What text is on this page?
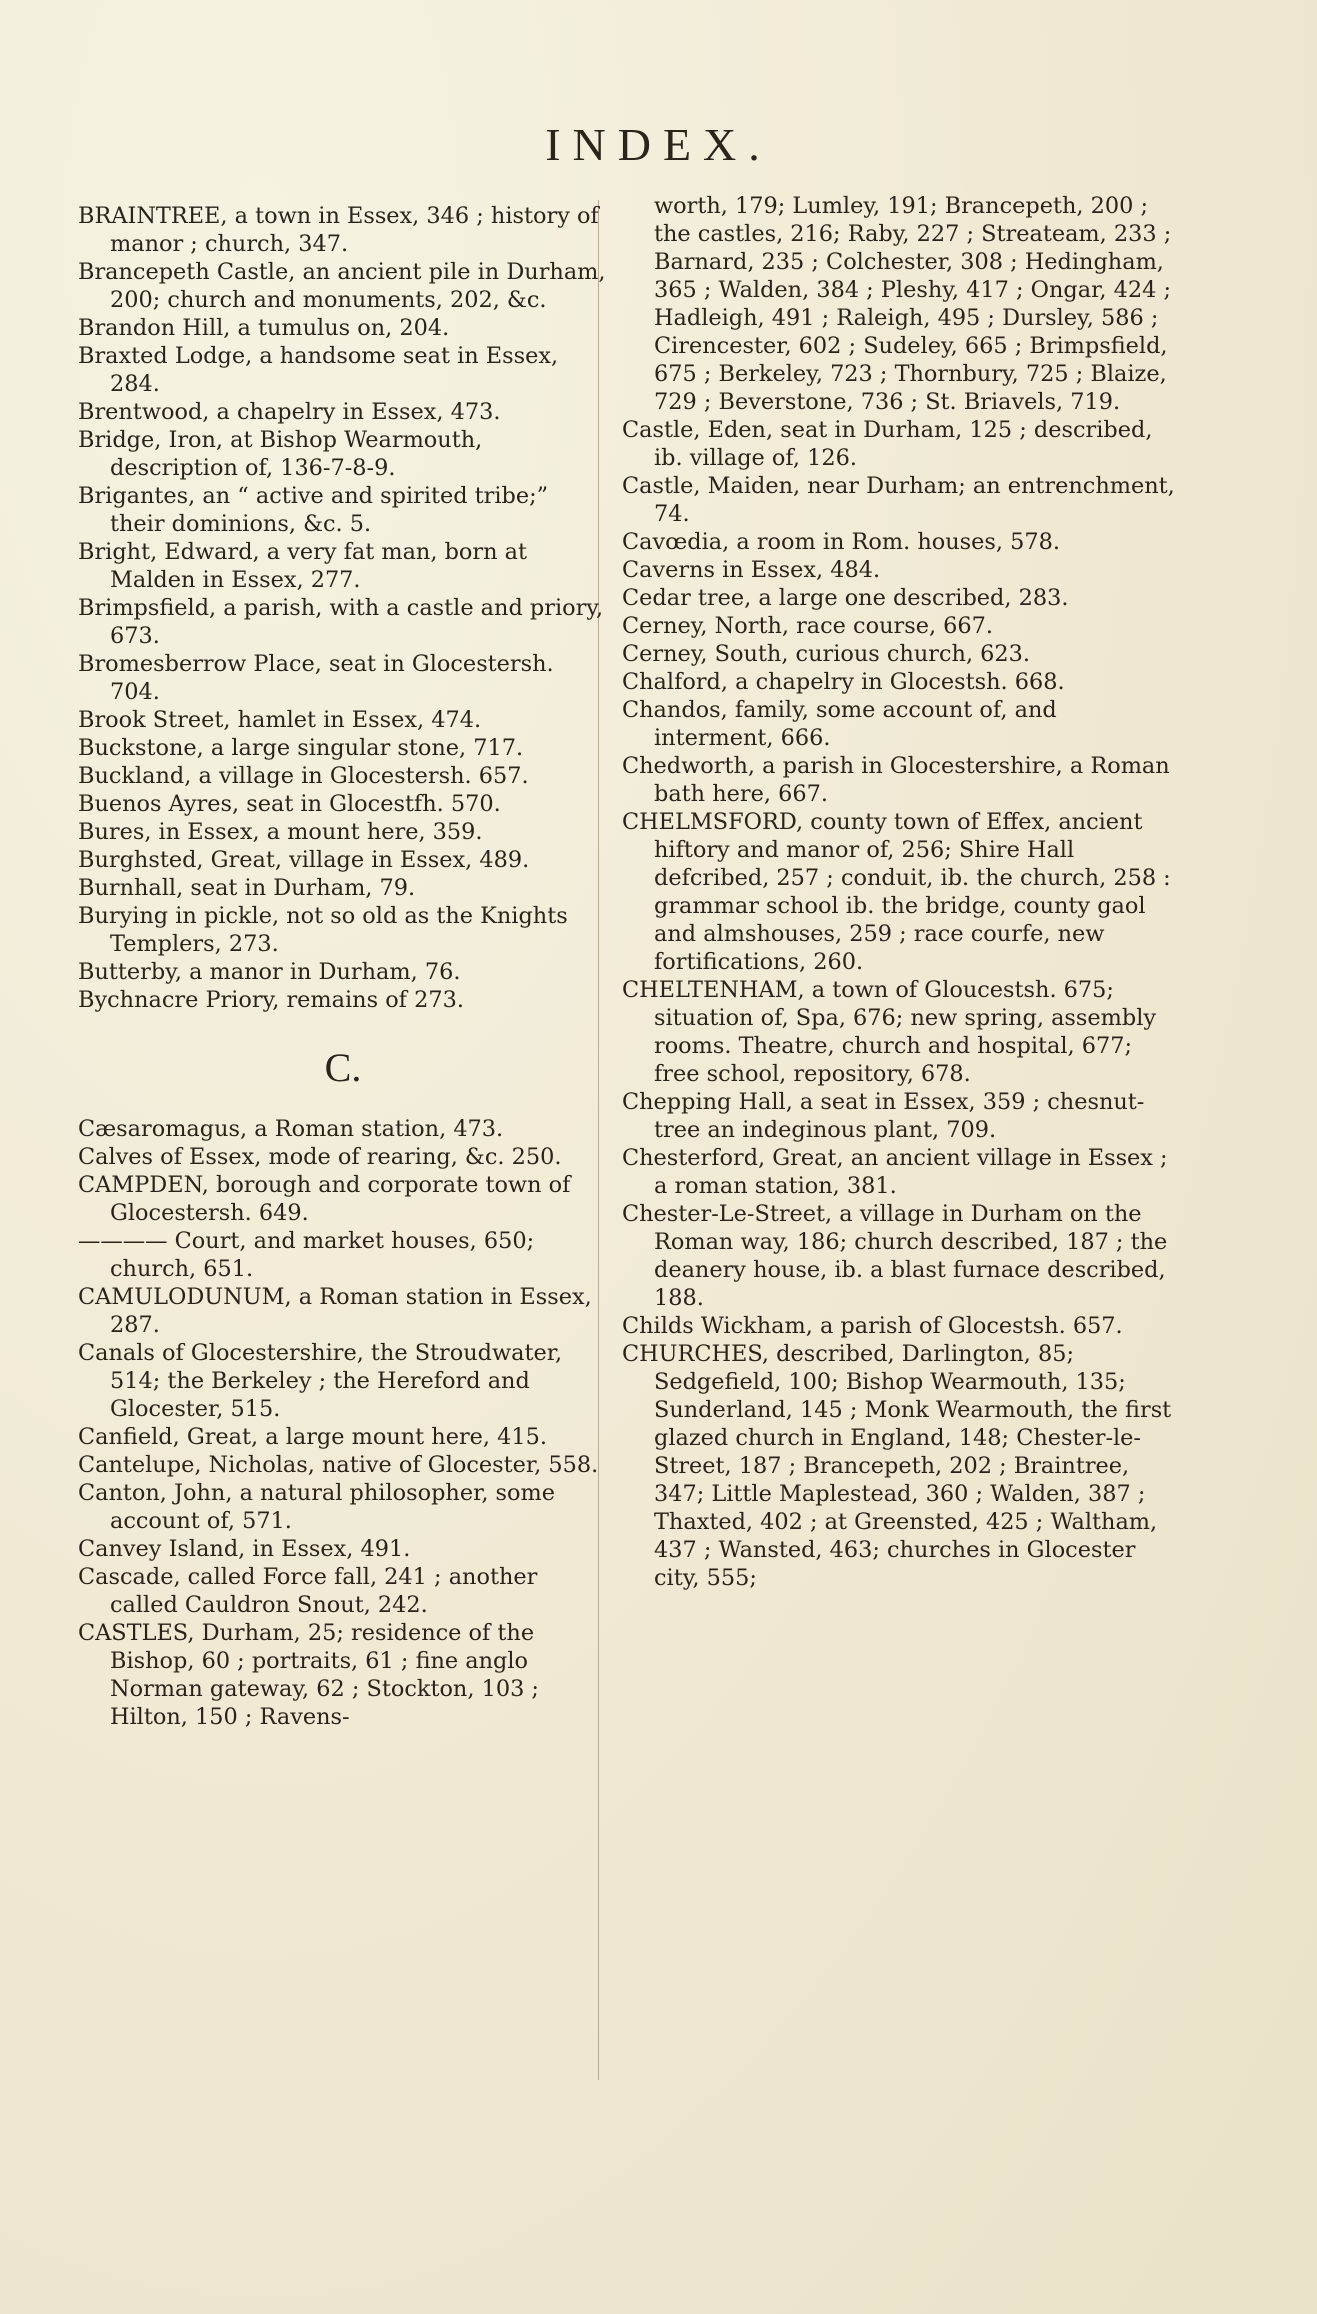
INDEX.

BRAINTREE, a town in Essex, 346 ; history of manor ; church, 347.

Brancepeth Castle, an ancient pile in Durham, 200; church and monuments, 202, &c.

Brandon Hill, a tumulus on, 204.

Braxted Lodge, a handsome seat in Essex, 284.

Brentwood, a chapelry in Essex, 473.

Bridge, Iron, at Bishop Wearmouth, description of, 136-7-8-9.

Brigantes, an “ active and spirited tribe;” their dominions, &c. 5.

Bright, Edward, a very fat man, born at Malden in Essex, 277.

Brimpsfield, a parish, with a castle and priory, 673.

Bromesberrow Place, seat in Glocestersh. 704.

Brook Street, hamlet in Essex, 474.

Buckstone, a large singular stone, 717.

Buckland, a village in Glocestersh. 657.

Buenos Ayres, seat in Glocestfh. 570.

Bures, in Essex, a mount here, 359.

Burghsted, Great, village in Essex, 489.

Burnhall, seat in Durham, 79.

Burying in pickle, not so old as the Knights Templers, 273.

Butterby, a manor in Durham, 76.

Bychnacre Priory, remains of 273.

C.

Cæsaromagus, a Roman station, 473.

Calves of Essex, mode of rearing, &c. 250.

CAMPDEN, borough and corporate town of Glocestersh. 649.

———— Court, and market houses, 650; church, 651.

CAMULODUNUM, a Roman station in Essex, 287.

Canals of Glocestershire, the Stroudwater, 514; the Berkeley ; the Hereford and Glocester, 515.

Canfield, Great, a large mount here, 415.

Cantelupe, Nicholas, native of Glocester, 558.

Canton, John, a natural philosopher, some account of, 571.

Canvey Island, in Essex, 491.

Cascade, called Force fall, 241 ; another called Cauldron Snout, 242.

CASTLES, Durham, 25; residence of the Bishop, 60 ; portraits, 61 ; fine anglo Norman gateway, 62 ; Stockton, 103 ; Hilton, 150 ; Ravens-

worth, 179; Lumley, 191; Brancepeth, 200 ; the castles, 216; Raby, 227 ; Streateam, 233 ; Barnard, 235 ; Colchester, 308 ; Hedingham, 365 ; Walden, 384 ; Pleshy, 417 ; Ongar, 424 ; Hadleigh, 491 ; Raleigh, 495 ; Dursley, 586 ; Cirencester, 602 ; Sudeley, 665 ; Brimpsfield, 675 ; Berkeley, 723 ; Thornbury, 725 ; Blaize, 729 ; Beverstone, 736 ; St. Briavels, 719.

Castle, Eden, seat in Durham, 125 ; described, ib. village of, 126.

Castle, Maiden, near Durham; an entrenchment, 74.

Cavœdia, a room in Rom. houses, 578.

Caverns in Essex, 484.

Cedar tree, a large one described, 283.

Cerney, North, race course, 667.

Cerney, South, curious church, 623.

Chalford, a chapelry in Glocestsh. 668.

Chandos, family, some account of, and interment, 666.

Chedworth, a parish in Glocestershire, a Roman bath here, 667.

CHELMSFORD, county town of Effex, ancient hiftory and manor of, 256; Shire Hall defcribed, 257 ; conduit, ib. the church, 258 : grammar school ib. the bridge, county gaol and almshouses, 259 ; race courfe, new fortifications, 260.

CHELTENHAM, a town of Gloucestsh. 675; situation of, Spa, 676; new spring, assembly rooms. Theatre, church and hospital, 677; free school, repository, 678.

Chepping Hall, a seat in Essex, 359 ; chesnut-tree an indeginous plant, 709.

Chesterford, Great, an ancient village in Essex ; a roman station, 381.

Chester-Le-Street, a village in Durham on the Roman way, 186; church described, 187 ; the deanery house, ib. a blast furnace described, 188.

Childs Wickham, a parish of Glocestsh. 657.

CHURCHES, described, Darlington, 85; Sedgefield, 100; Bishop Wearmouth, 135; Sunderland, 145 ; Monk Wearmouth, the first glazed church in England, 148; Chester-le-Street, 187 ; Brancepeth, 202 ; Braintree, 347; Little Maplestead, 360 ; Walden, 387 ; Thaxted, 402 ; at Greensted, 425 ; Waltham, 437 ; Wansted, 463; churches in Glocester city, 555;
